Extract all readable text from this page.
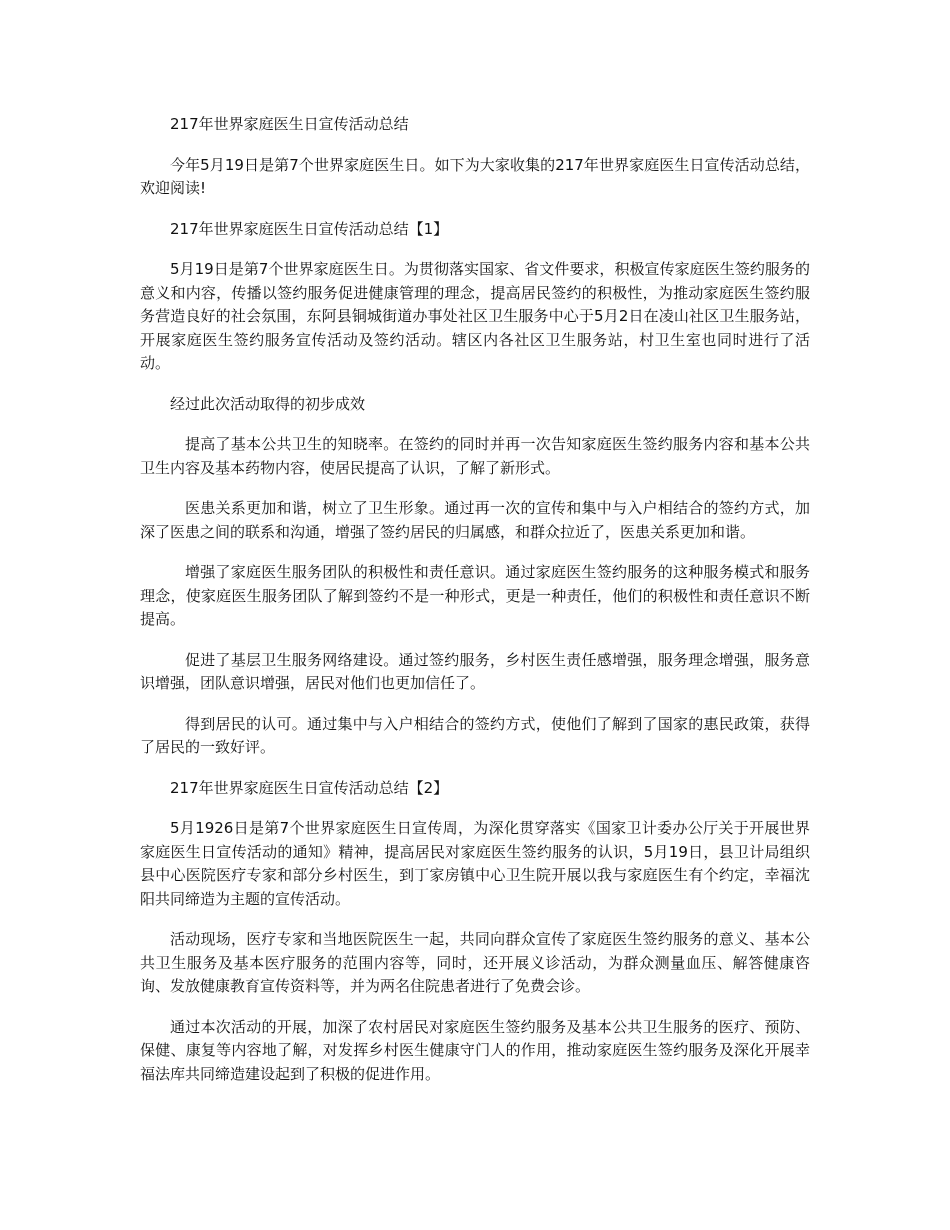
217年世界家庭医生日宣传活动总结

今年5月19日是第7个世界家庭医生日。如下为大家收集的217年世界家庭医生日宣传活动总结，欢迎阅读!

217年世界家庭医生日宣传活动总结【1】

5月19日是第7个世界家庭医生日。为贯彻落实国家、省文件要求，积极宣传家庭医生签约服务的意义和内容，传播以签约服务促进健康管理的理念，提高居民签约的积极性，为推动家庭医生签约服务营造良好的社会氛围，东阿县铜城街道办事处社区卫生服务中心于5月2日在凌山社区卫生服务站，开展家庭医生签约服务宣传活动及签约活动。辖区内各社区卫生服务站，村卫生室也同时进行了活动。

经过此次活动取得的初步成效

提高了基本公共卫生的知晓率。在签约的同时并再一次告知家庭医生签约服务内容和基本公共卫生内容及基本药物内容，使居民提高了认识，了解了新形式。

医患关系更加和谐，树立了卫生形象。通过再一次的宣传和集中与入户相结合的签约方式，加深了医患之间的联系和沟通，增强了签约居民的归属感，和群众拉近了，医患关系更加和谐。

增强了家庭医生服务团队的积极性和责任意识。通过家庭医生签约服务的这种服务模式和服务理念，使家庭医生服务团队了解到签约不是一种形式，更是一种责任，他们的积极性和责任意识不断提高。

促进了基层卫生服务网络建设。通过签约服务，乡村医生责任感增强，服务理念增强，服务意识增强，团队意识增强，居民对他们也更加信任了。

得到居民的认可。通过集中与入户相结合的签约方式，使他们了解到了国家的惠民政策，获得了居民的一致好评。

217年世界家庭医生日宣传活动总结【2】

5月1926日是第7个世界家庭医生日宣传周，为深化贯穿落实《国家卫计委办公厅关于开展世界家庭医生日宣传活动的通知》精神，提高居民对家庭医生签约服务的认识，5月19日，县卫计局组织县中心医院医疗专家和部分乡村医生，到丁家房镇中心卫生院开展以我与家庭医生有个约定，幸福沈阳共同缔造为主题的宣传活动。

活动现场，医疗专家和当地医院医生一起，共同向群众宣传了家庭医生签约服务的意义、基本公共卫生服务及基本医疗服务的范围内容等，同时，还开展义诊活动，为群众测量血压、解答健康咨询、发放健康教育宣传资料等，并为两名住院患者进行了免费会诊。

通过本次活动的开展，加深了农村居民对家庭医生签约服务及基本公共卫生服务的医疗、预防、保健、康复等内容地了解，对发挥乡村医生健康守门人的作用，推动家庭医生签约服务及深化开展幸福法库共同缔造建设起到了积极的促进作用。
